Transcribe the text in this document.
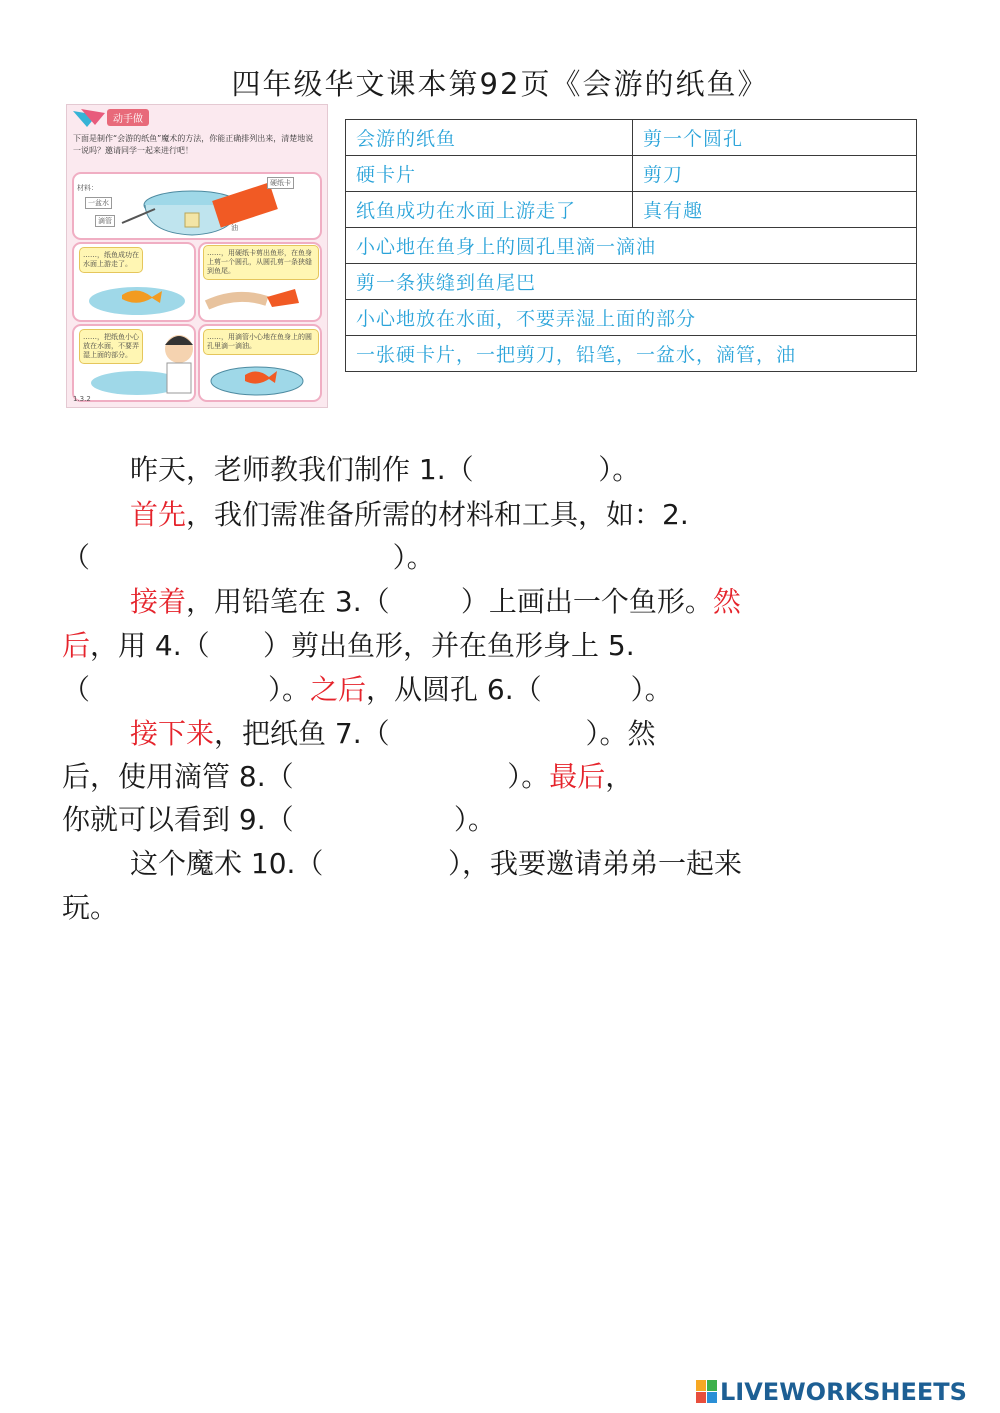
四年级华文课本第92页《会游的纸鱼》
动手做
下面是制作“会游的纸鱼”魔术的方法，你能正确排列出来，清楚地说一说吗？邀请同学一起来进行吧！
材料：
一盆水
硬纸卡
滴管
油
……，纸鱼成功在水面上游走了。
……，用硬纸卡剪出鱼形，在鱼身上剪一个圆孔，从圆孔剪一条狭缝到鱼尾。
……，把纸鱼小心放在水面，不要弄湿上面的部分。
……，用滴管小心地在鱼身上的圆孔里滴一滴油。
1.3.2
会游的纸鱼	剪一个圆孔
硬卡片	剪刀
纸鱼成功在水面上游走了	真有趣
小心地在鱼身上的圆孔里滴一滴油	
剪一条狭缝到鱼尾巴	
小心地放在水面，不要弄湿上面的部分	
一张硬卡片，一把剪刀，铅笔，一盆水，滴管，油	
昨天，老师教我们制作 1.（              ）。
首先，我们需准备所需的材料和工具，如：2.
（                                  ）。
接着，用铅笔在 3.（        ）上画出一个鱼形。然
后，用 4.（      ）剪出鱼形，并在鱼形身上 5.
（                    ）。之后，从圆孔 6.（          ）。
接下来，把纸鱼 7.（                      ）。然
后，使用滴管 8.（                        ）。最后，
你就可以看到 9.（                  ）。
这个魔术 10.（              ），我要邀请弟弟一起来
玩。
LIVEWORKSHEETS
